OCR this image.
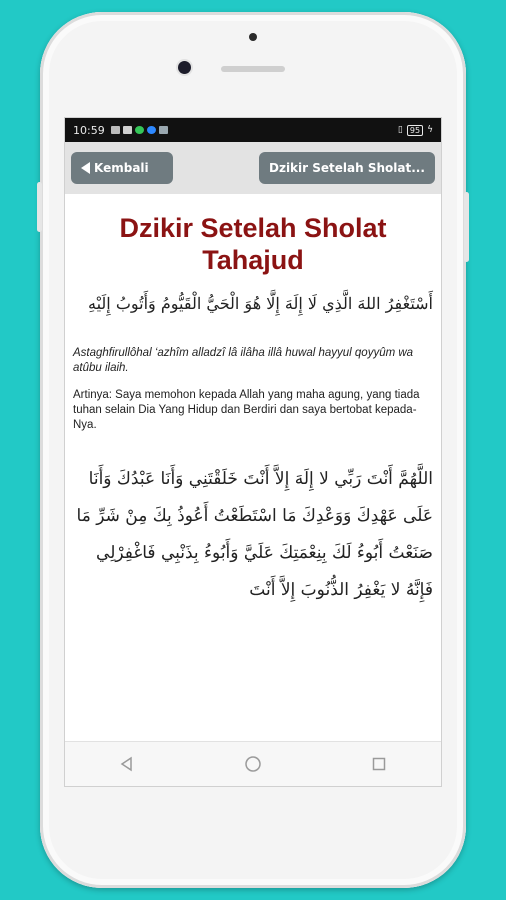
10:59	▯ 95 ϟ
Kembali	Dzikir Setelah Sholat...
Dzikir Setelah Sholat Tahajud
أَسْتَغْفِرُ اللهَ الَّذِي لَا إِلَهَ إِلَّا هُوَ الْحَيُّ الْقَيُّومُ وَأَتُوبُ إِلَيْهِ
Astaghfirullôhal ‘azhîm alladzî lâ ilâha illâ huwal hayyul qoyyûm wa atûbu ilaih.
Artinya: Saya memohon kepada Allah yang maha agung, yang tiada tuhan selain Dia Yang Hidup dan Berdiri dan saya bertobat kepada-Nya.
اللَّهُمَّ أَنْتَ رَبِّي لا إِلَهَ إِلاَّ أَنْتَ خَلَقْتَنِي وَأَنَا عَبْدُكَ وَأَنَا عَلَى عَهْدِكَ وَوَعْدِكَ مَا اسْتَطَعْتُ أَعُوذُ بِكَ مِنْ شَرِّ مَا صَنَعْتُ أَبُوءُ لَكَ بِنِعْمَتِكَ عَلَيَّ وَأَبُوءُ بِذَنْبِي فَاغْفِرْلِي فَإِنَّهُ لا يَغْفِرُ الذُّنُوبَ إِلاَّ أَنْتَ
